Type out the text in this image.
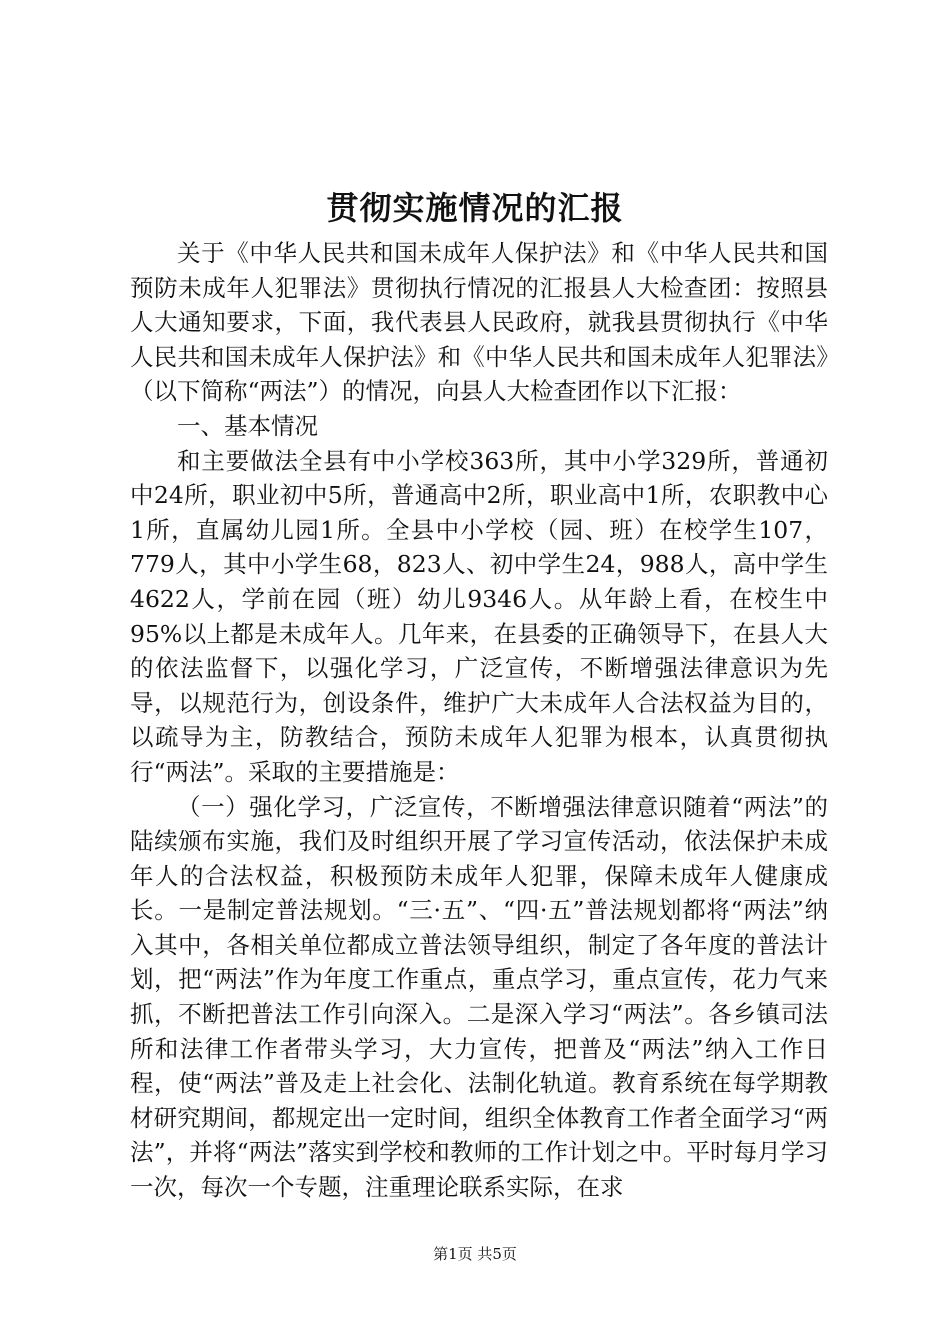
贯彻实施情况的汇报

关于《中华人民共和国未成年人保护法》和《中华人民共和国预防未成年人犯罪法》贯彻执行情况的汇报县人大检查团：按照县人大通知要求，下面，我代表县人民政府，就我县贯彻执行《中华人民共和国未成年人保护法》和《中华人民共和国未成年人犯罪法》（以下简称“两法”）的情况，向县人大检查团作以下汇报：

一、基本情况

和主要做法全县有中小学校363所，其中小学329所，普通初中24所，职业初中5所，普通高中2所，职业高中1所，农职教中心1所，直属幼儿园1所。全县中小学校（园、班）在校学生107，779人，其中小学生68，823人、初中学生24，988人，高中学生4622人，学前在园（班）幼儿9346人。从年龄上看，在校生中95%以上都是未成年人。几年来，在县委的正确领导下，在县人大的依法监督下，以强化学习，广泛宣传，不断增强法律意识为先导，以规范行为，创设条件，维护广大未成年人合法权益为目的，以疏导为主，防教结合，预防未成年人犯罪为根本，认真贯彻执行“两法”。采取的主要措施是：

（一）强化学习，广泛宣传，不断增强法律意识随着“两法”的陆续颁布实施，我们及时组织开展了学习宣传活动，依法保护未成年人的合法权益，积极预防未成年人犯罪，保障未成年人健康成长。一是制定普法规划。“三·五”、“四·五”普法规划都将“两法”纳入其中，各相关单位都成立普法领导组织，制定了各年度的普法计划，把“两法”作为年度工作重点，重点学习，重点宣传，花力气来抓，不断把普法工作引向深入。二是深入学习“两法”。各乡镇司法所和法律工作者带头学习，大力宣传，把普及“两法”纳入工作日程，使“两法”普及走上社会化、法制化轨道。教育系统在每学期教材研究期间，都规定出一定时间，组织全体教育工作者全面学习“两法”，并将“两法”落实到学校和教师的工作计划之中。平时每月学习一次，每次一个专题，注重理论联系实际，在求

第1页 共5页
